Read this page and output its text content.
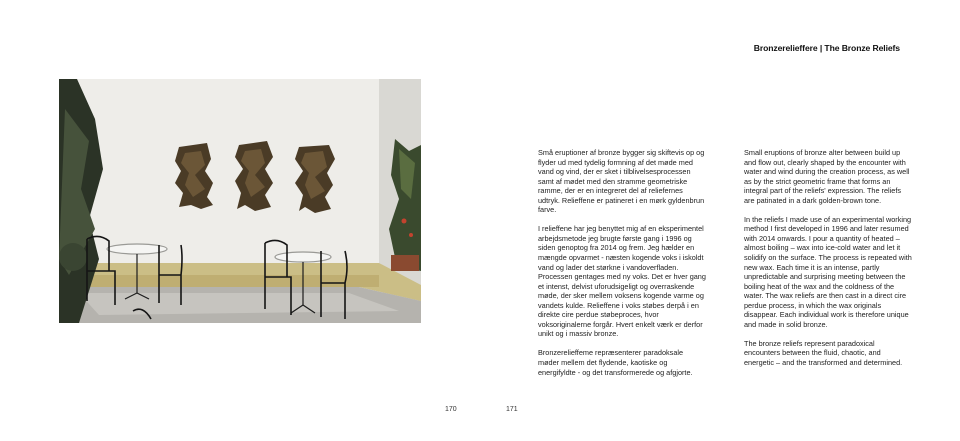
170
Bronzerelieffere | The Bronze Reliefs

Små eruptioner af bronze bygger sig skiftevis op og flyder ud med tydelig formning af det møde med vand og vind, der er sket i tilblivelsesprocessen samt af mødet med den stramme geometriske ramme, der er en integreret del af reliefernes udtryk. Relieffene er patineret i en mørk gyldenbrun farve.

I relieffene har jeg benyttet mig af en eksperimentel arbejdsmetode jeg brugte første gang i 1996 og siden genoptog fra 2014 og frem. Jeg hælder en mængde opvarmet - næsten kogende voks i iskoldt vand og lader det størkne i vandoverfladen. Processen gentages med ny voks. Det er hver gang et intenst, delvist uforudsigeligt og overraskende møde, der sker mellem voksens kogende varme og vandets kulde. Relieffene i voks støbes derpå i en direkte cire perdue støbeproces, hvor voksoriginalerne forgår. Hvert enkelt værk er derfor unikt og i massiv bronze.

Bronzerelieffeme repræsenterer paradoksale møder mellem det flydende, kaotiske og energifyldte - og det transformerede og afgjorte.

Small eruptions of bronze alter between build up and flow out, clearly shaped by the encounter with water and wind during the creation process, as well as by the strict geometric frame that forms an integral part of the reliefs' expression. The reliefs are patinated in a dark golden-brown tone.

In the reliefs I made use of an experimental working method I first developed in 1996 and later resumed with 2014 onwards. I pour a quantity of heated – almost boiling – wax into ice-cold water and let it solidify on the surface. The process is repeated with new wax. Each time it is an intense, partly unpredictable and surprising meeting between the boiling heat of the wax and the coldness of the water. The wax reliefs are then cast in a direct cire perdue process, in which the wax originals disappear. Each individual work is therefore unique and made in solid bronze.

The bronze reliefs represent paradoxical encounters between the fluid, chaotic, and energetic – and the transformed and determined.

171
